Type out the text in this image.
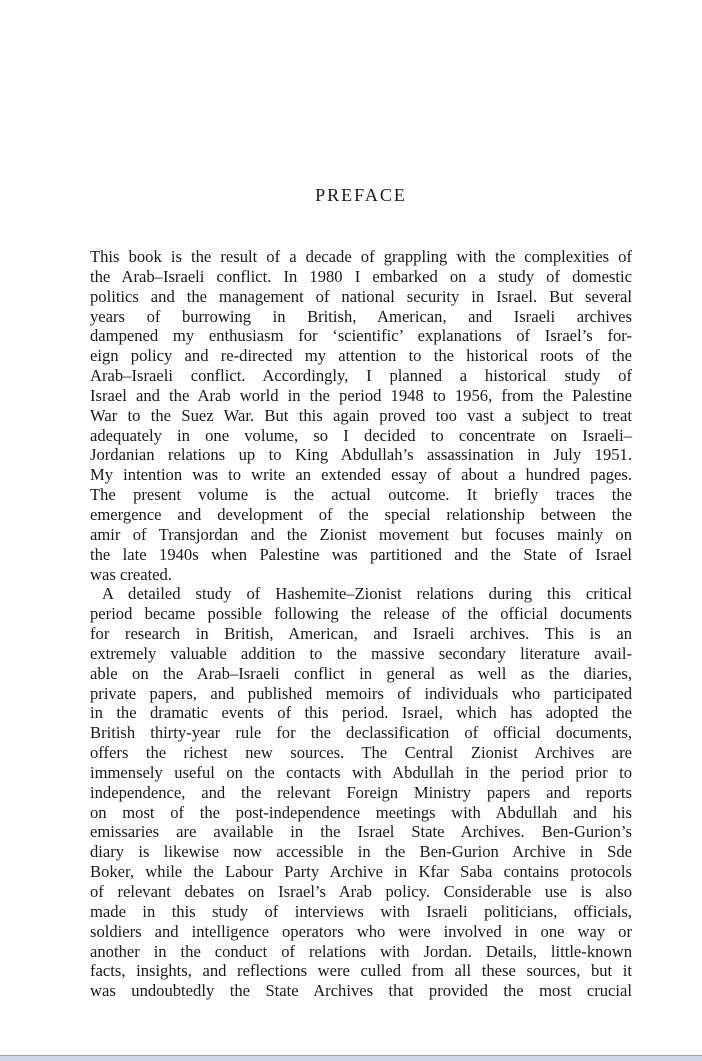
PREFACE
This book is the result of a decade of grappling with the complexities of
the Arab–Israeli conflict. In 1980 I embarked on a study of domestic
politics and the management of national security in Israel. But several
years of burrowing in British, American, and Israeli archives
dampened my enthusiasm for ‘scientific’ explanations of Israel’s for-
eign policy and re-directed my attention to the historical roots of the
Arab–Israeli conflict. Accordingly, I planned a historical study of
Israel and the Arab world in the period 1948 to 1956, from the Palestine
War to the Suez War. But this again proved too vast a subject to treat
adequately in one volume, so I decided to concentrate on Israeli–
Jordanian relations up to King Abdullah’s assassination in July 1951.
My intention was to write an extended essay of about a hundred pages.
The present volume is the actual outcome. It briefly traces the
emergence and development of the special relationship between the
amir of Transjordan and the Zionist movement but focuses mainly on
the late 1940s when Palestine was partitioned and the State of Israel
was created.
A detailed study of Hashemite–Zionist relations during this critical
period became possible following the release of the official documents
for research in British, American, and Israeli archives. This is an
extremely valuable addition to the massive secondary literature avail-
able on the Arab–Israeli conflict in general as well as the diaries,
private papers, and published memoirs of individuals who participated
in the dramatic events of this period. Israel, which has adopted the
British thirty-year rule for the declassification of official documents,
offers the richest new sources. The Central Zionist Archives are
immensely useful on the contacts with Abdullah in the period prior to
independence, and the relevant Foreign Ministry papers and reports
on most of the post-independence meetings with Abdullah and his
emissaries are available in the Israel State Archives. Ben-Gurion’s
diary is likewise now accessible in the Ben-Gurion Archive in Sde
Boker, while the Labour Party Archive in Kfar Saba contains protocols
of relevant debates on Israel’s Arab policy. Considerable use is also
made in this study of interviews with Israeli politicians, officials,
soldiers and intelligence operators who were involved in one way or
another in the conduct of relations with Jordan. Details, little-known
facts, insights, and reflections were culled from all these sources, but it
was undoubtedly the State Archives that provided the most crucial
